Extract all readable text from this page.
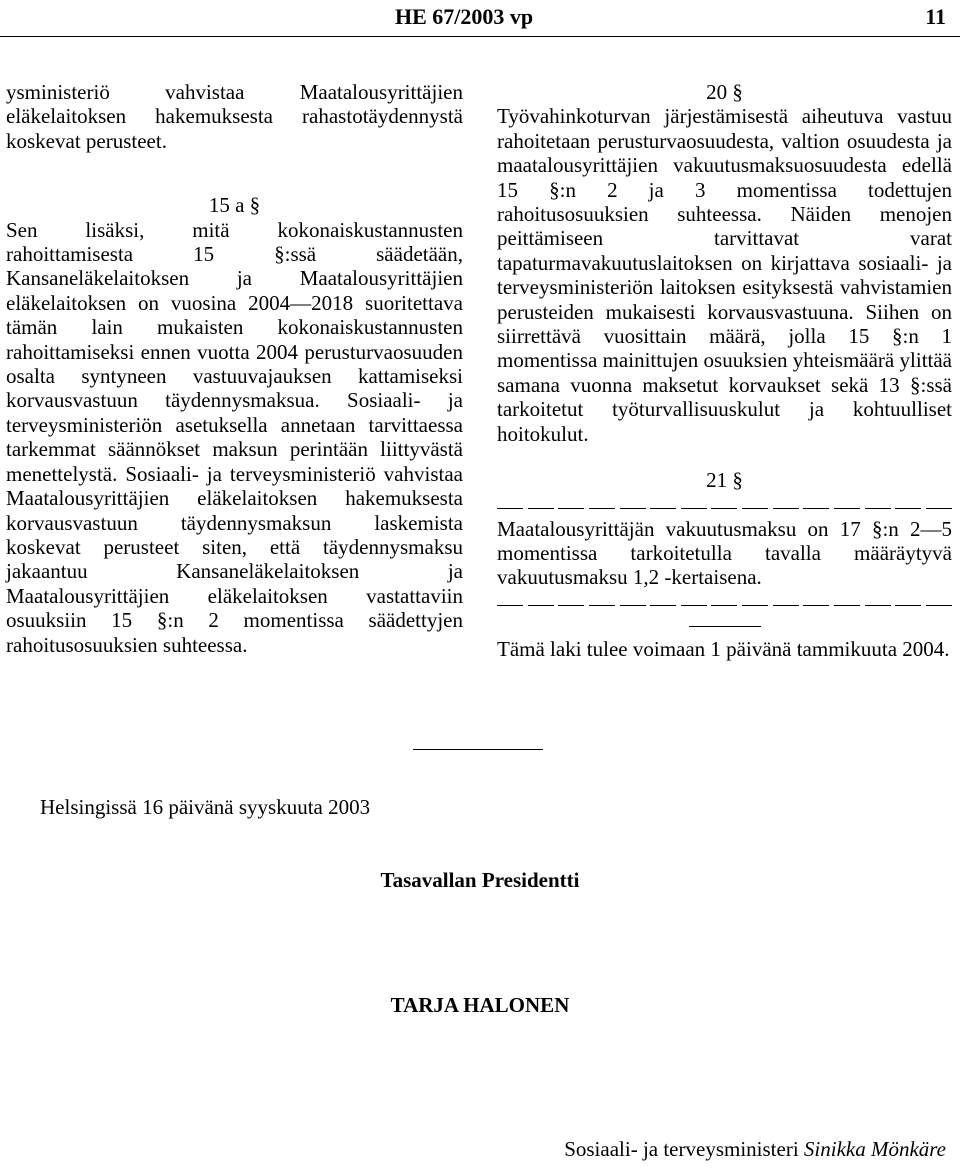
HE 67/2003 vp	11

ysministeriö vahvistaa Maatalousyrittäjien eläkelaitoksen hakemuksesta rahastotäydennystä koskevat perusteet.

15 a §

Sen lisäksi, mitä kokonaiskustannusten rahoittamisesta 15 §:ssä säädetään, Kansaneläkelaitoksen ja Maatalousyrittäjien eläkelaitoksen on vuosina 2004—2018 suoritettava tämän lain mukaisten kokonaiskustannusten rahoittamiseksi ennen vuotta 2004 perusturvaosuuden osalta syntyneen vastuuvajauksen kattamiseksi korvausvastuun täydennysmaksua. Sosiaali- ja terveysministeriön asetuksella annetaan tarvittaessa tarkemmat säännökset maksun perintään liittyvästä menettelystä. Sosiaali- ja terveysministeriö vahvistaa Maatalousyrittäjien eläkelaitoksen hakemuksesta korvausvastuun täydennysmaksun laskemista koskevat perusteet siten, että täydennysmaksu jakaantuu Kansaneläkelaitoksen ja Maatalousyrittäjien eläkelaitoksen vastattaviin osuuksiin 15 §:n 2 momentissa säädettyjen rahoitusosuuksien suhteessa.

20 §

Työvahinkoturvan järjestämisestä aiheutuva vastuu rahoitetaan perusturvaosuudesta, valtion osuudesta ja maatalousyrittäjien vakuutusmaksuosuudesta edellä 15 §:n 2 ja 3 momentissa todettujen rahoitusosuuksien suhteessa. Näiden menojen peittämiseen tarvittavat varat tapaturmavakuutuslaitoksen on kirjattava sosiaali- ja terveysministeriön laitoksen esityksestä vahvistamien perusteiden mukaisesti korvausvastuuna. Siihen on siirrettävä vuosittain määrä, jolla 15 §:n 1 momentissa mainittujen osuuksien yhteismäärä ylittää samana vuonna maksetut korvaukset sekä 13 §:ssä tarkoitetut työturvallisuuskulut ja kohtuulliset hoitokulut.

21 §

Maatalousyrittäjän vakuutusmaksu on 17 §:n 2—5 momentissa tarkoitetulla tavalla määräytyvä vakuutusmaksu 1,2 -kertaisena.

Tämä laki tulee voimaan 1 päivänä tammikuuta 2004.

Helsingissä 16 päivänä syyskuuta 2003
Tasavallan Presidentti
TARJA HALONEN
Sosiaali- ja terveysministeri Sinikka Mönkäre
